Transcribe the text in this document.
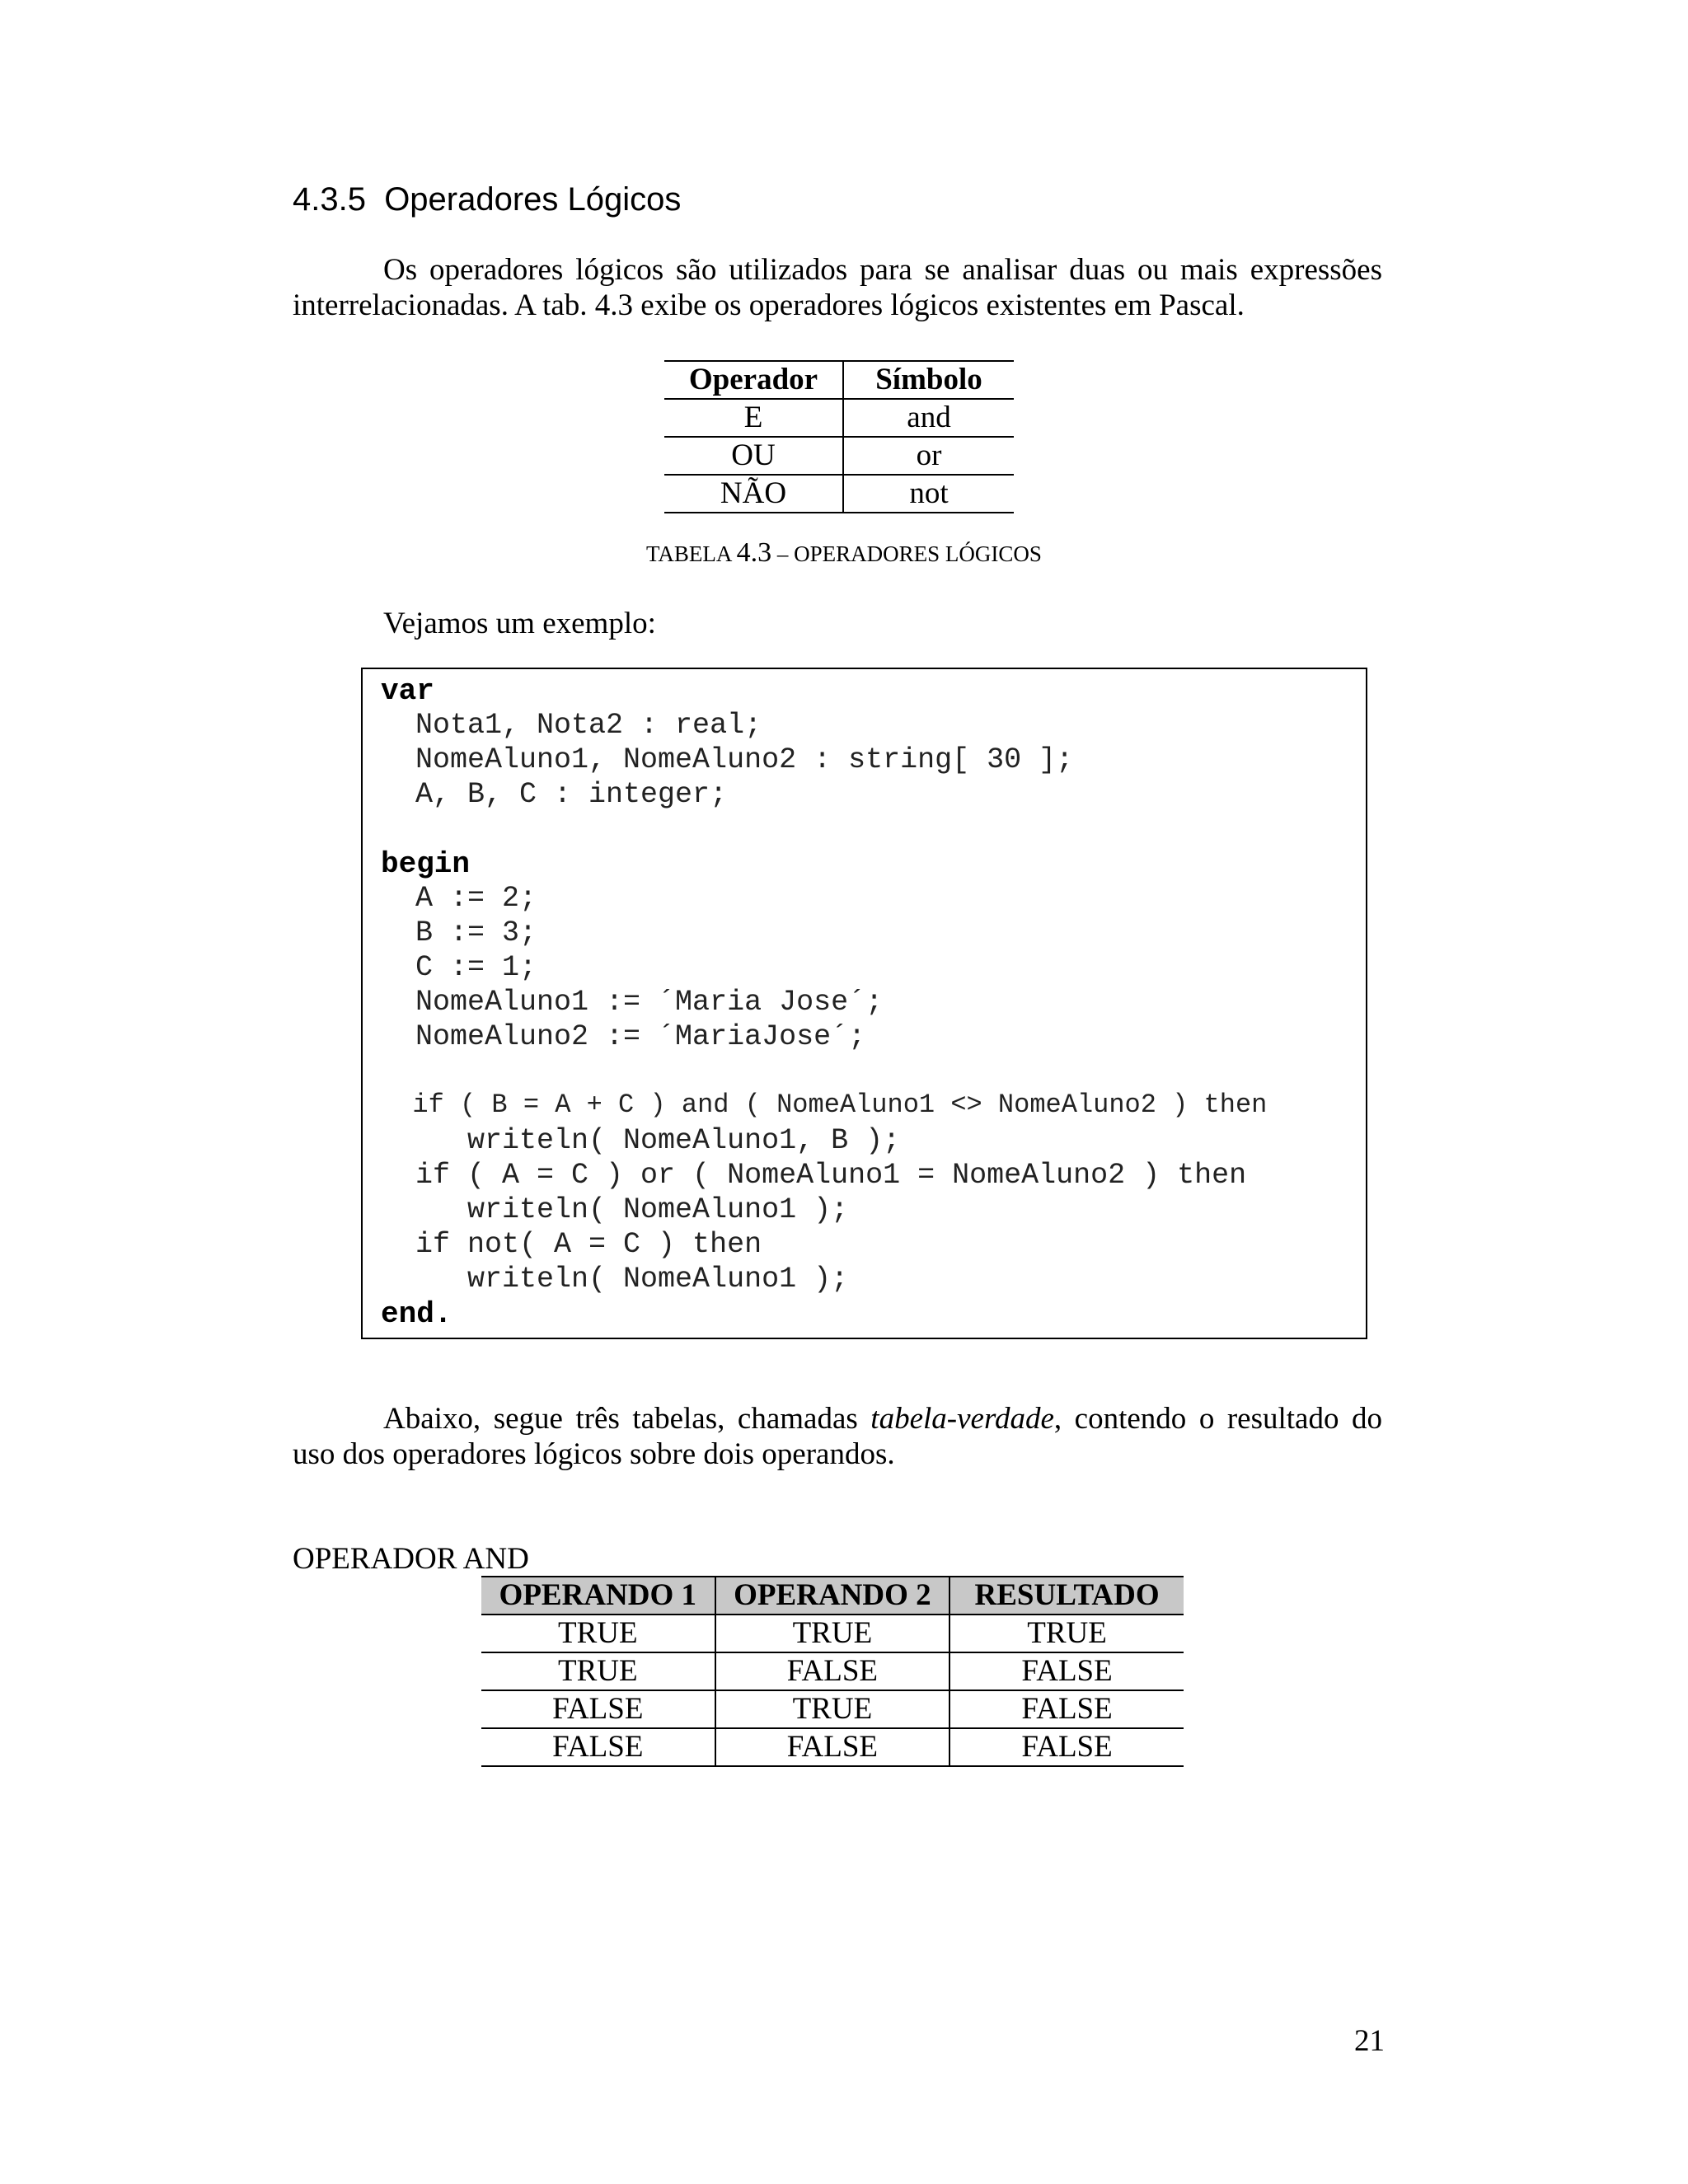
4.3.5  Operadores Lógicos

Os operadores lógicos são utilizados para se analisar duas ou mais expressões interrelacionadas. A tab. 4.3 exibe os operadores lógicos existentes em Pascal.

Operador	Símbolo
E	and
OU	or
NÃO	not
TABELA 4.3 – OPERADORES LÓGICOS
Vejamos um exemplo:
var
Nota1, Nota2 : real;
NomeAluno1, NomeAluno2 : string[ 30 ];
A, B, C : integer;
begin
A := 2;
B := 3;
C := 1;
NomeAluno1 := ´Maria Jose´;
NomeAluno2 := ´MariaJose´;
if ( B = A + C ) and ( NomeAluno1 <> NomeAluno2 ) then
writeln( NomeAluno1, B );
if ( A = C ) or ( NomeAluno1 = NomeAluno2 ) then
writeln( NomeAluno1 );
if not( A = C ) then
writeln( NomeAluno1 );
end.

Abaixo, segue três tabelas, chamadas tabela-verdade, contendo o resultado do uso dos operadores lógicos sobre dois operandos.

OPERADOR AND
OPERANDO 1	OPERANDO 2	RESULTADO
TRUE	TRUE	TRUE
TRUE	FALSE	FALSE
FALSE	TRUE	FALSE
FALSE	FALSE	FALSE
21
